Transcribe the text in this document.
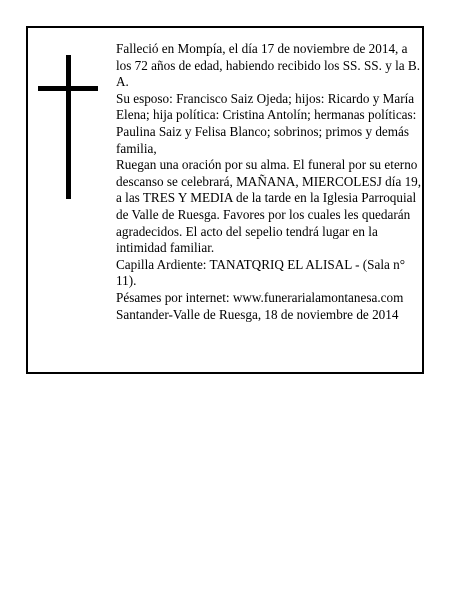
Falleció en Mompía, el día 17 de noviembre de 2014, a los 72 años de edad, habiendo recibido los SS. SS. y la B. A.

Su esposo: Francisco Saiz Ojeda; hijos: Ricardo y María Elena; hija política: Cristina Antolín; hermanas políticas: Paulina Saiz y Felisa Blanco; sobrinos; primos y demás familia,

Ruegan una oración por su alma. El funeral por su eterno descanso se celebrará, MAÑANA, MIERCOLESJ día 19, a las TRES Y MEDIA de la tarde en la Iglesia Parroquial de Valle de Ruesga. Favores por los cuales les quedarán agradecidos. El acto del sepelio tendrá lugar en la intimidad familiar.

Capilla Ardiente: TANATQRIQ EL ALISAL - (Sala n° 11).

Pésames por internet: www.funerarialamontanesa.com

Santander-Valle de Ruesga, 18 de noviembre de 2014
